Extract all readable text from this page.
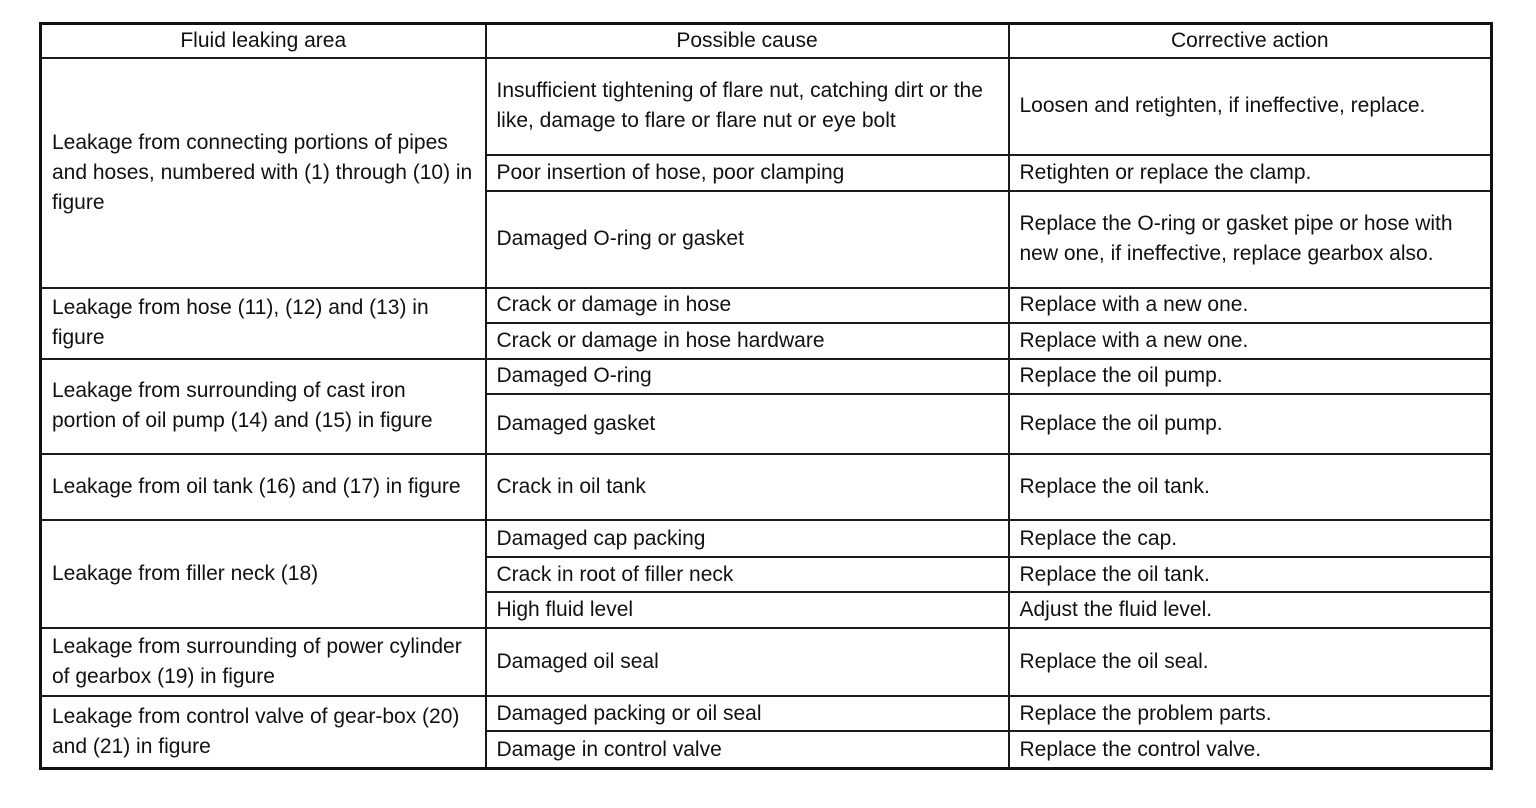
Fluid leaking area	Possible cause	Corrective action
Leakage from connecting portions of pipes and hoses, numbered with (1) through (10) in figure	Insufficient tightening of flare nut, catching dirt or the like, damage to flare or flare nut or eye bolt	Loosen and retighten, if ineffective, replace.
	Poor insertion of hose, poor clamping	Retighten or replace the clamp.
	Damaged O-ring or gasket	Replace the O-ring or gasket pipe or hose with new one, if ineffective, replace gearbox also.
Leakage from hose (11), (12) and (13) in figure	Crack or damage in hose	Replace with a new one.
	Crack or damage in hose hardware	Replace with a new one.
Leakage from surrounding of cast iron portion of oil pump (14) and (15) in figure	Damaged O-ring	Replace the oil pump.
	Damaged gasket	Replace the oil pump.
Leakage from oil tank (16) and (17) in figure	Crack in oil tank	Replace the oil tank.
Leakage from filler neck (18)	Damaged cap packing	Replace the cap.
	Crack in root of filler neck	Replace the oil tank.
	High fluid level	Adjust the fluid level.
Leakage from surrounding of power cylinder of gearbox (19) in figure	Damaged oil seal	Replace the oil seal.
Leakage from control valve of gear-box (20) and (21) in figure	Damaged packing or oil seal	Replace the problem parts.
	Damage in control valve	Replace the control valve.
